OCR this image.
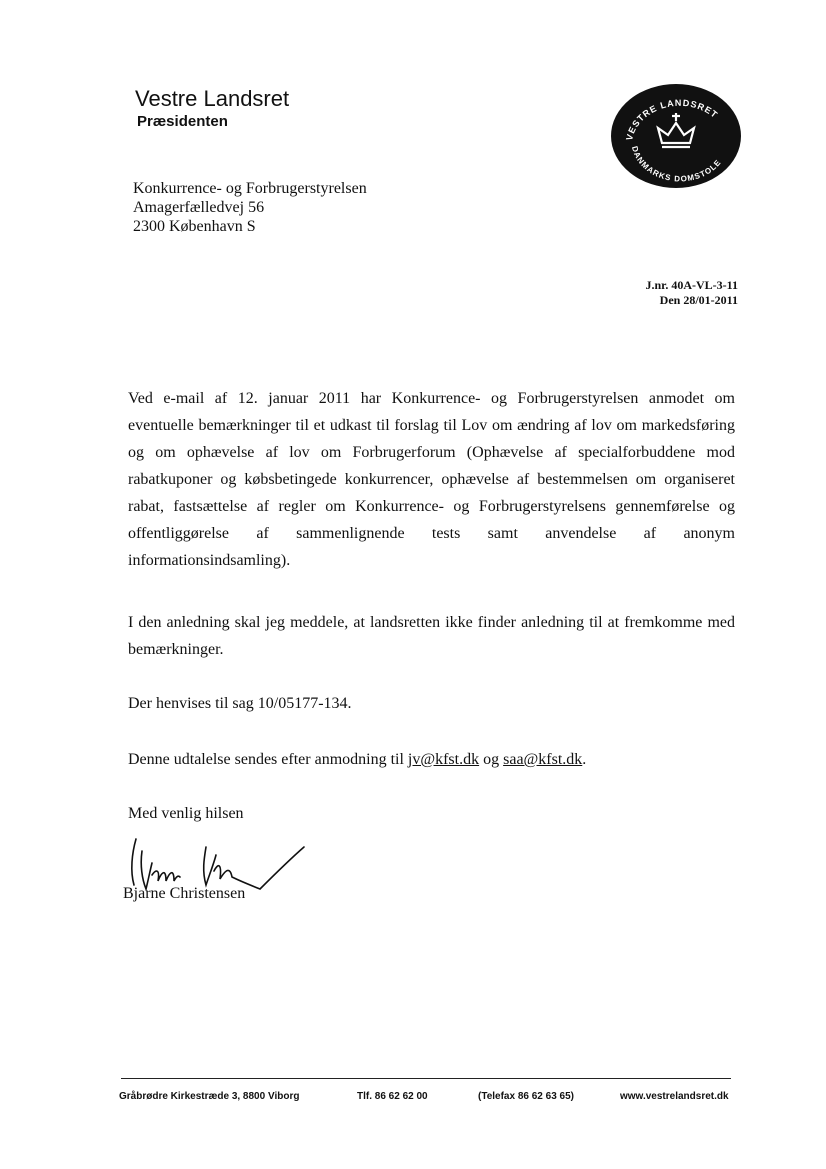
Vestre Landsret
Præsidenten
VESTRE LANDSRET
DANMARKS DOMSTOLE
Konkurrence- og Forbrugerstyrelsen
Amagerfælledvej 56
2300 København S
J.nr. 40A-VL-3-11
Den 28/01-2011
Ved e-mail af 12. januar 2011 har Konkurrence- og Forbrugerstyrelsen anmodet om
eventuelle bemærkninger til et udkast til forslag til Lov om ændring af lov om markedsføring
og om ophævelse af lov om Forbrugerforum (Ophævelse af specialforbuddene mod
rabatkuponer og købsbetingede konkurrencer, ophævelse af bestemmelsen om organiseret
rabat, fastsættelse af regler om Konkurrence- og Forbrugerstyrelsens gennemførelse og
offentliggørelse af sammenlignende tests samt anvendelse af anonym
informationsindsamling).
I den anledning skal jeg meddele, at landsretten ikke finder anledning til at fremkomme med bemærkninger.
Der henvises til sag 10/05177-134.
Denne udtalelse sendes efter anmodning til jv@kfst.dk og saa@kfst.dk.
Med venlig hilsen
Bjarne Christensen
Gråbrødre Kirkestræde 3, 8800 Viborg	Tlf. 86 62 62 00	(Telefax 86 62 63 65)	www.vestrelandsret.dk
